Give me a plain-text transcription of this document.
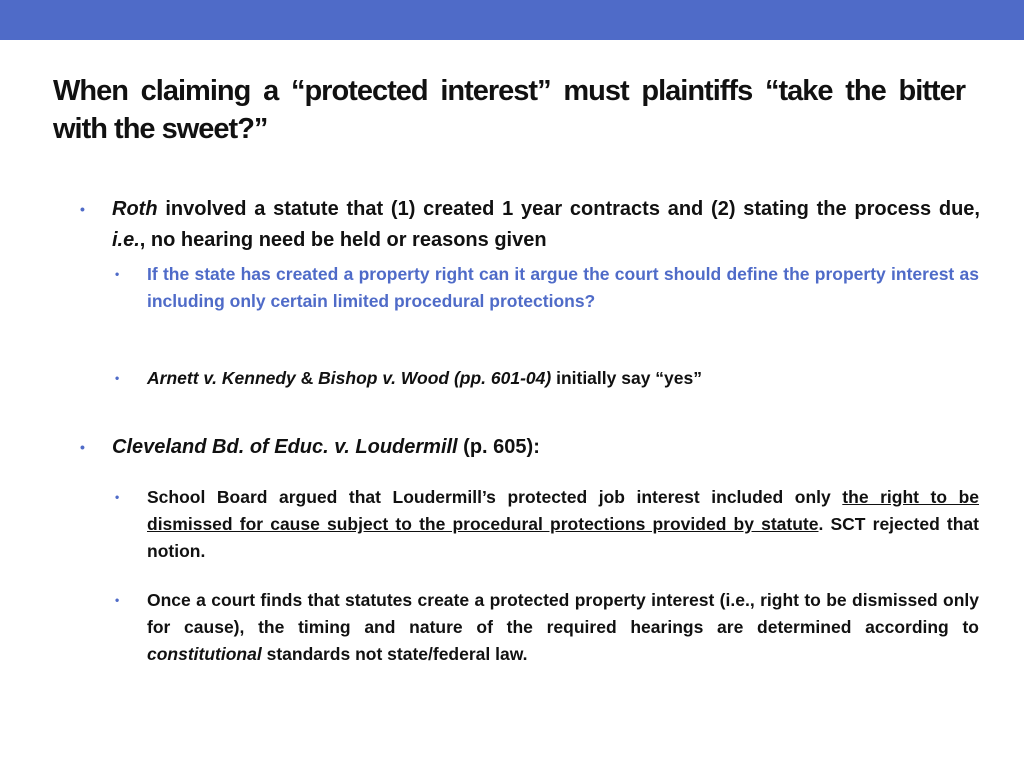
When claiming a “protected interest” must plaintiffs “take the bitter with the sweet?”
• Roth involved a statute that (1) created 1 year contracts and (2) stating the process due, i.e., no hearing need be held or reasons given
• If the state has created a property right can it argue the court should define the property interest as including only certain limited procedural protections?
• Arnett v. Kennedy & Bishop v. Wood (pp. 601-04) initially say “yes”
• Cleveland Bd. of Educ. v. Loudermill (p. 605):
• School Board argued that Loudermill’s protected job interest included only the right to be dismissed for cause subject to the procedural protections provided by statute. SCT rejected that notion.
• Once a court finds that statutes create a protected property interest (i.e., right to be dismissed only for cause), the timing and nature of the required hearings are determined according to constitutional standards not state/federal law.
